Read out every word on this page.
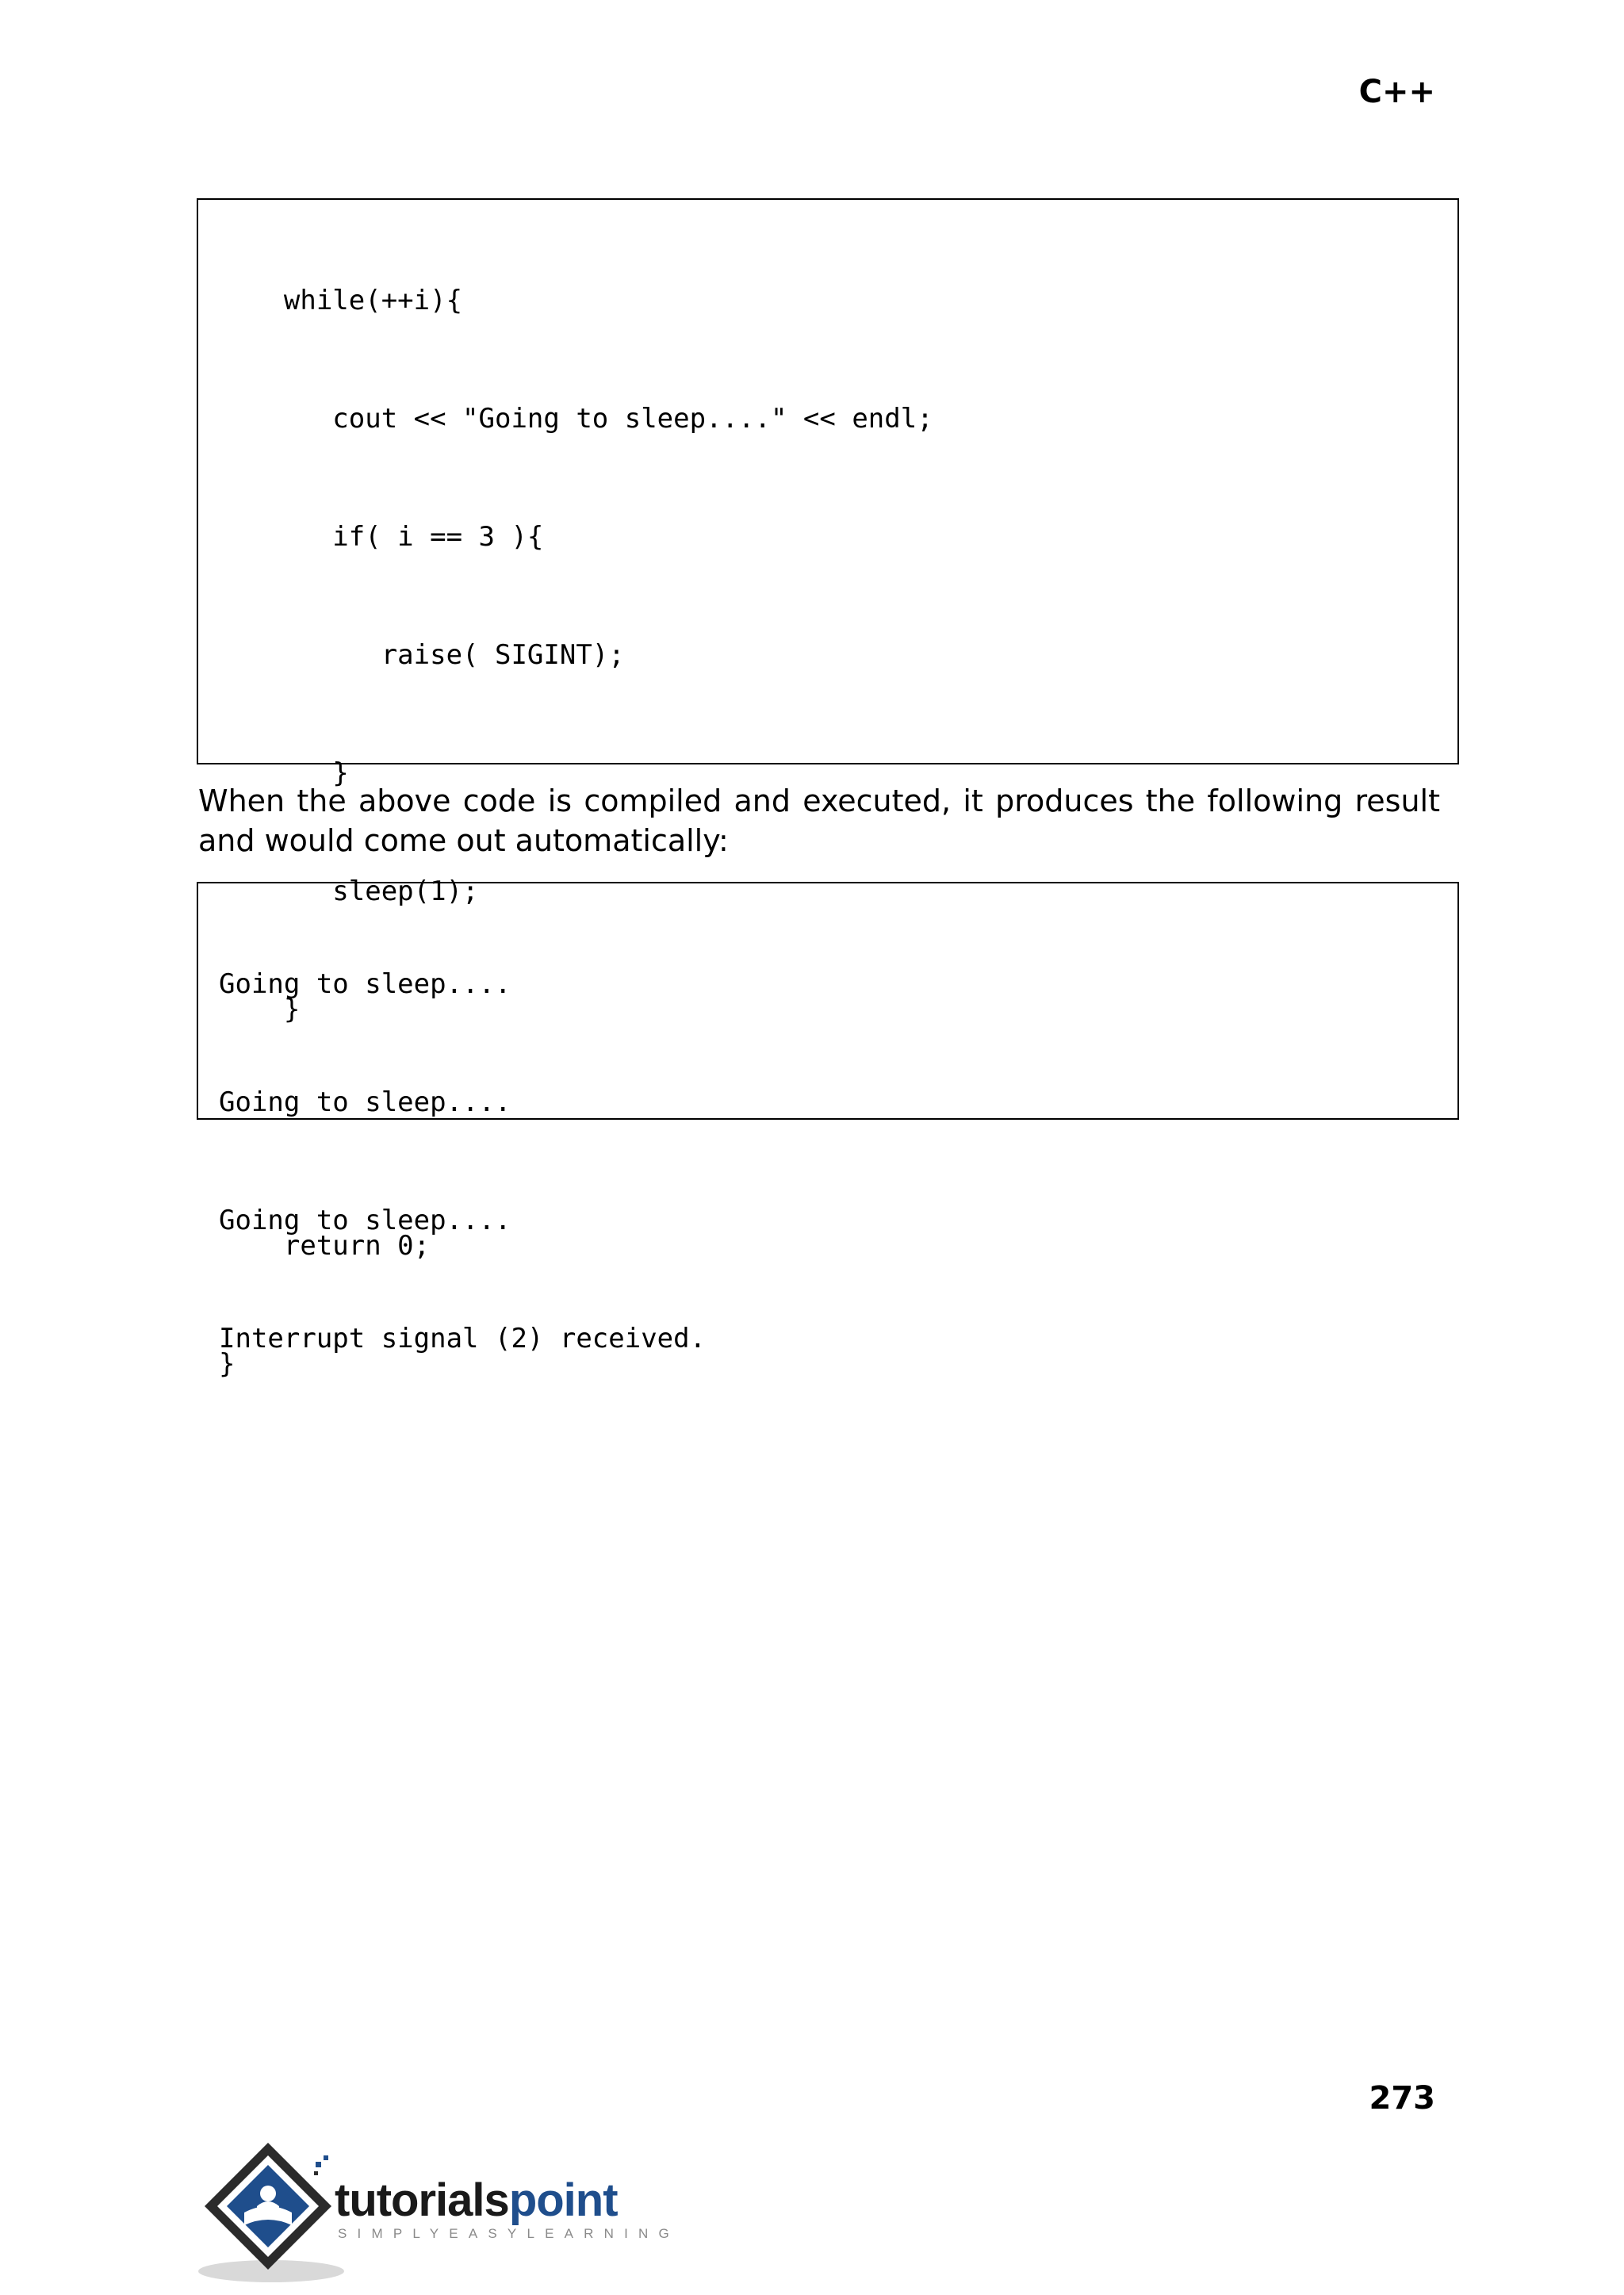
C++

while(++i){

cout << "Going to sleep...." << endl;

if( i == 3 ){

raise( SIGINT);

}

sleep(1);

}

return 0;

}

When the above code is compiled and executed, it produces the following result and would come out automatically:

Going to sleep....

Going to sleep....

Going to sleep....

Interrupt signal (2) received.

273
tutorialspoint
SIMPLYEASYLEARNING
